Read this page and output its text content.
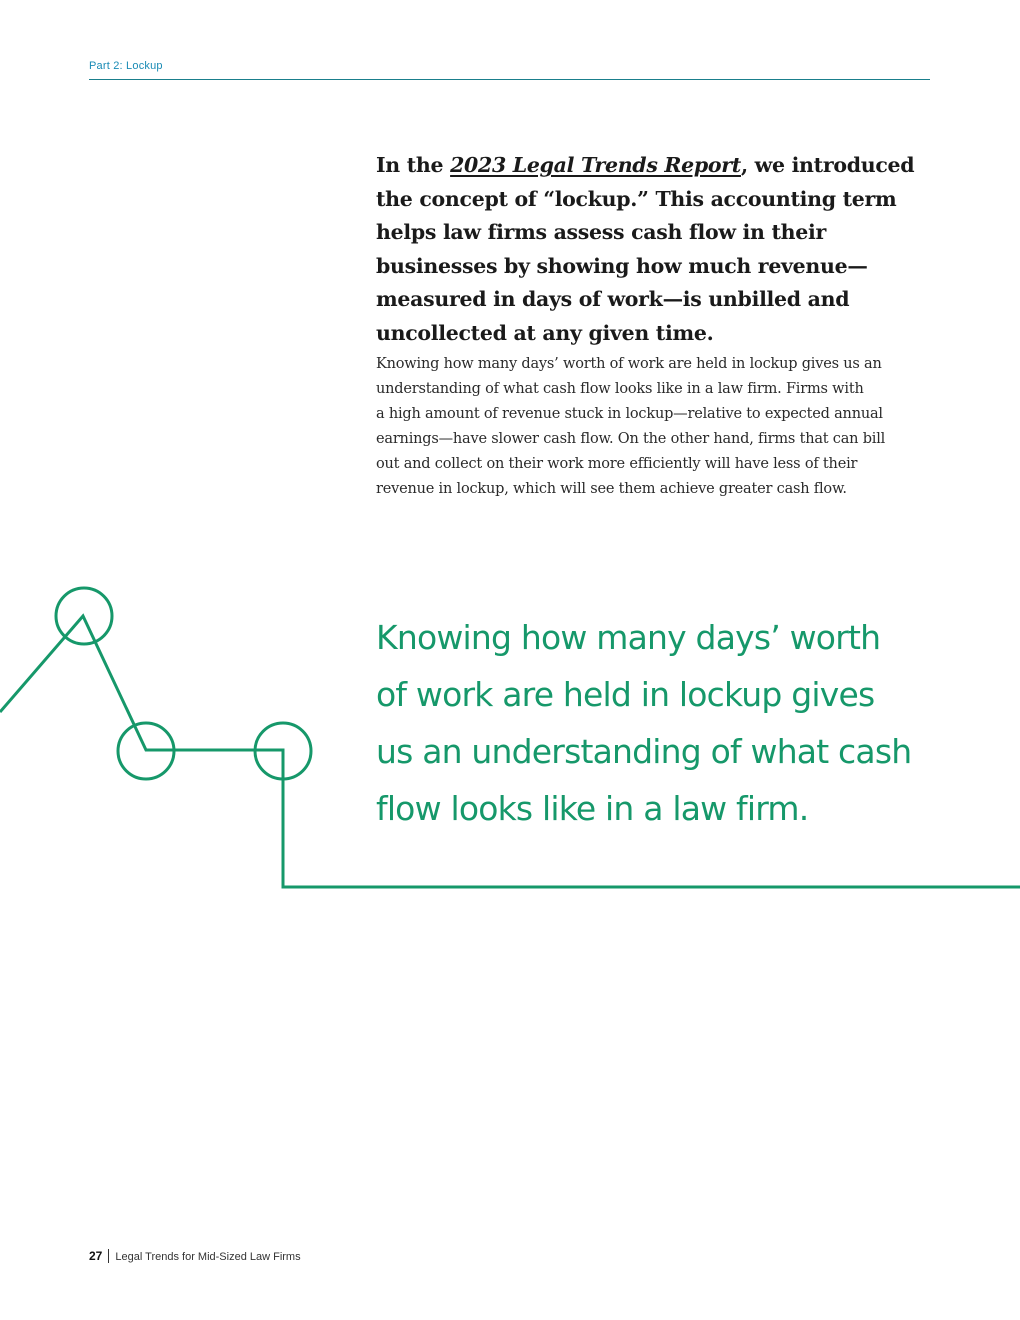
Part 2: Lockup
In the 2023 Legal Trends Report, we introduced the concept of “lockup.” This accounting term helps law firms assess cash flow in their businesses by showing how much revenue—measured in days of work—is unbilled and uncollected at any given time.
Knowing how many days’ worth of work are held in lockup gives us an
understanding of what cash flow looks like in a law firm. Firms with
a high amount of revenue stuck in lockup—relative to expected annual
earnings—have slower cash flow. On the other hand, firms that can bill
out and collect on their work more efficiently will have less of their
revenue in lockup, which will see them achieve greater cash flow.
Knowing how many days’ worth
of work are held in lockup gives
us an understanding of what cash
flow looks like in a law firm.
27 Legal Trends for Mid-Sized Law Firms
